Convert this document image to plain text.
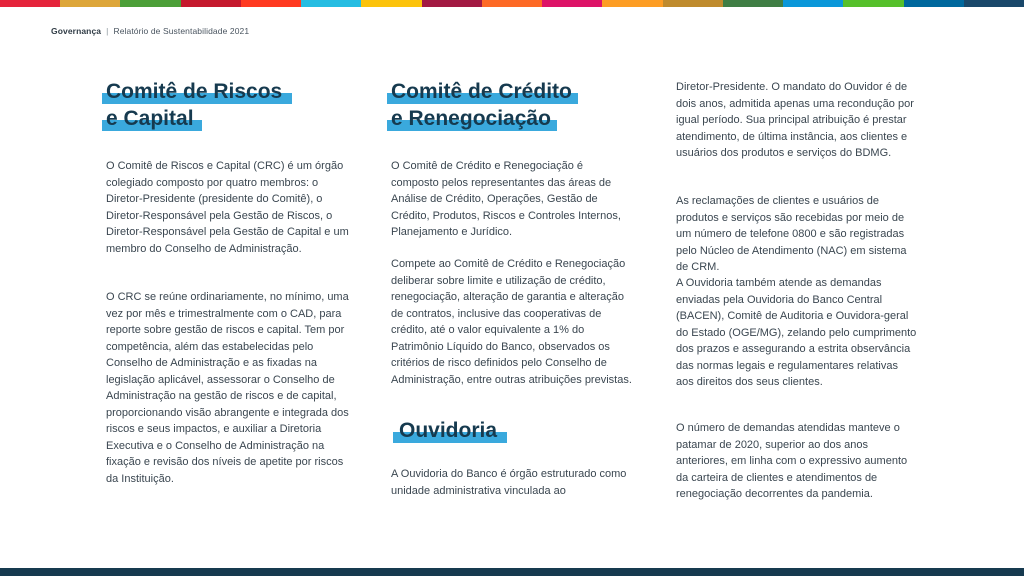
Governança | Relatório de Sustentabilidade 2021
Comitê de Riscos
e Capital

O Comitê de Riscos e Capital (CRC) é um órgão colegiado composto por quatro membros: o Diretor-Presidente (presidente do Comitê), o Diretor-Responsável pela Gestão de Riscos, o Diretor-Responsável pela Gestão de Capital e um membro do Conselho de Administração.

O CRC se reúne ordinariamente, no mínimo, uma vez por mês e trimestralmente com o CAD, para reporte sobre gestão de riscos e capital. Tem por competência, além das estabelecidas pelo Conselho de Administração e as fixadas na legislação aplicável, assessorar o Conselho de Administração na gestão de riscos e de capital, proporcionando visão abrangente e integrada dos riscos e seus impactos, e auxiliar a Diretoria Executiva e o Conselho de Administração na fixação e revisão dos níveis de apetite por riscos da Instituição.

Comitê de Crédito
e Renegociação

O Comitê de Crédito e Renegociação é composto pelos representantes das áreas de Análise de Crédito, Operações, Gestão de Crédito, Produtos, Riscos e Controles Internos, Planejamento e Jurídico.

Compete ao Comitê de Crédito e Renegociação deliberar sobre limite e utilização de crédito, renegociação, alteração de garantia e alteração de contratos, inclusive das cooperativas de crédito, até o valor equivalente a 1% do Patrimônio Líquido do Banco, observados os critérios de risco definidos pelo Conselho de Administração, entre outras atribuições previstas.

Ouvidoria

A Ouvidoria do Banco é órgão estruturado como unidade administrativa vinculada ao

Diretor-Presidente. O mandato do Ouvidor é de dois anos, admitida apenas uma recondução por igual período. Sua principal atribuição é prestar atendimento, de última instância, aos clientes e usuários dos produtos e serviços do BDMG.

As reclamações de clientes e usuários de produtos e serviços são recebidas por meio de um número de telefone 0800 e são registradas pelo Núcleo de Atendimento (NAC) em sistema de CRM.

A Ouvidoria também atende as demandas enviadas pela Ouvidoria do Banco Central (BACEN), Comitê de Auditoria e Ouvidora-geral do Estado (OGE/MG), zelando pelo cumprimento dos prazos e assegurando a estrita observância das normas legais e regulamentares relativas aos direitos dos seus clientes.

O número de demandas atendidas manteve o patamar de 2020, superior ao dos anos anteriores, em linha com o expressivo aumento da carteira de clientes e atendimentos de renegociação decorrentes da pandemia.
